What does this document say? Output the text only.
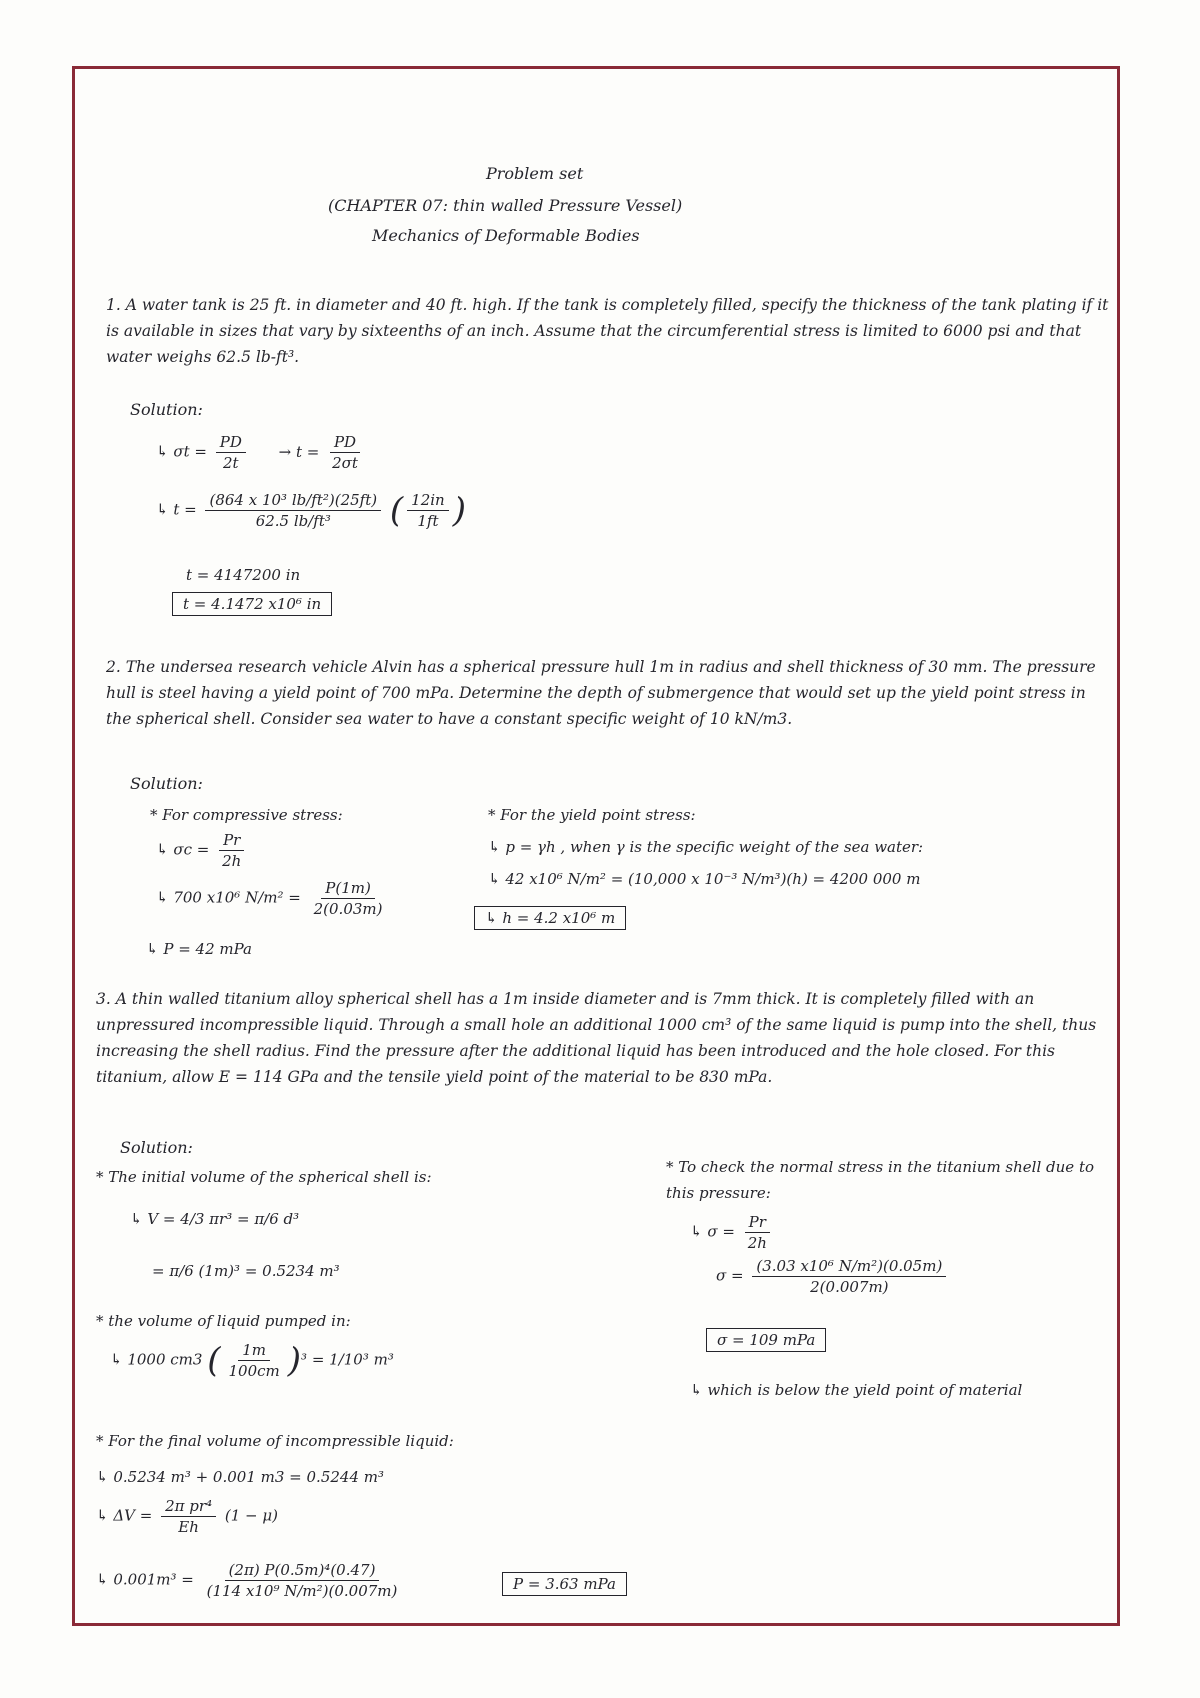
Problem set
(CHAPTER 07: thin walled Pressure Vessel)
Mechanics of Deformable Bodies
1. A water tank is 25 ft. in diameter and 40 ft. high. If the tank is completely filled, specify the thickness of the tank plating if it is available in sizes that vary by sixteenths of an inch. Assume that the circumferential stress is limited to 6000 psi and that water weighs 62.5 lb-ft³.
Solution:
↳ $\sigma t = \frac{PD}{2t} \to t = \frac{PD}{2\sigma t}$
↳ $t = \frac{\text{(864 x 10³ lb/ft²)(25ft)}}{\text{62.5 lb/ft³}}$ ( $\frac{12in}{1ft}$ )
t = 4147200 in
t = 4.1472 x10⁶ in
2. The undersea research vehicle Alvin has a spherical pressure hull 1m in radius and shell thickness of 30 mm. The pressure hull is steel having a yield point of 700 mPa. Determine the depth of submergence that would set up the yield point stress in the spherical shell. Consider sea water to have a constant specific weight of 10 kN/m3.
Solution:
* For compressive stress:
↳ $\sigma c = \frac{Pr}{2h}$
↳ 700 x10⁶ $N/m^2 = \frac{P(1m)}{2(0.03m)}$
↳ P = 42 mPa
* For the yield point stress:
↳ p = γh , when γ is the specific weight of the sea water:
↳ 42 x10⁶ N/m² = (10,000 x 10⁻³ N/m³)(h) = 4200 000 m
↳ h = 4.2 x10⁶ m
3. A thin walled titanium alloy spherical shell has a 1m inside diameter and is 7mm thick. It is completely filled with an unpressured incompressible liquid. Through a small hole an additional 1000 cm³ of the same liquid is pump into the shell, thus increasing the shell radius. Find the pressure after the additional liquid has been introduced and the hole closed. For this titanium, allow E = 114 GPa and the tensile yield point of the material to be 830 mPa.
Solution:
* The initial volume of the spherical shell is:
↳ V = 4/3 πr³ = π/6 d³
= π/6 (1m)³ = 0.5234 m³
* the volume of liquid pumped in:
↳ 1000 cm3 ( $\frac{1m}{100cm} )^3 = 1/10^3$ m³
* For the final volume of incompressible liquid:
↳ 0.5234 m³ + 0.001 m3 = 0.5244 m³
↳ $\Delta V = \frac{\text{2π pr⁴}}{Eh} (1 - \mu)$
↳ $0.001m^3 = \frac{\text{(2π) P(0.5m)⁴(0.47)}}{\text{(114 x10⁹ N/m²)(0.007m)}}$	P = 3.63 mPa
* To check the normal stress in the titanium shell due to this pressure:
↳ $\sigma = \frac{Pr}{2h}$
$\sigma = \frac{\text{(3.03 x10⁶ N/m²)(0.05m)}}{2(0.007m)}$
σ = 109 mPa
↳ which is below the yield point of material
